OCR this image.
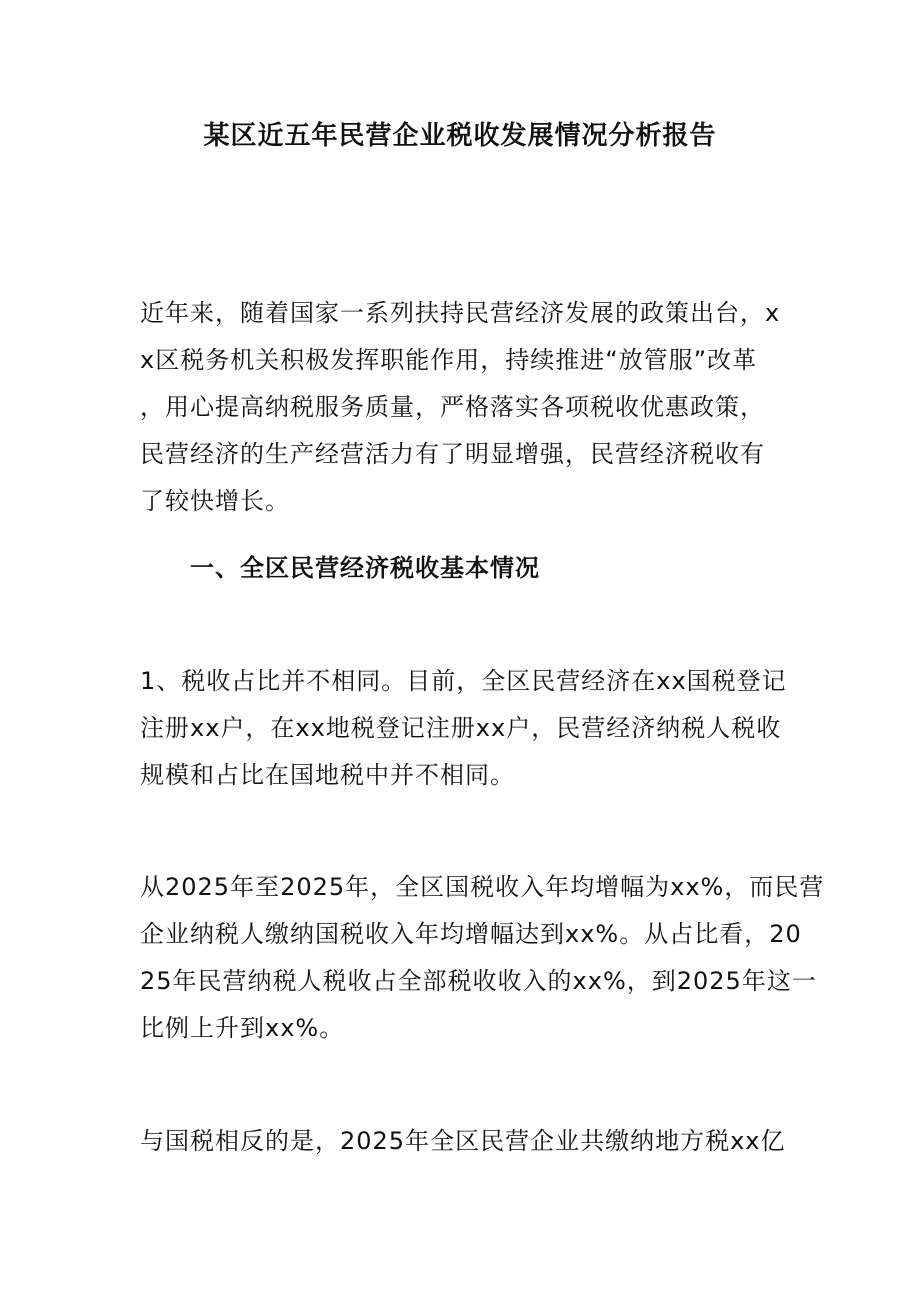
某区近五年民营企业税收发展情况分析报告

近年来，随着国家一系列扶持民营经济发展的政策出台，x
x区税务机关积极发挥职能作用，持续推进“放管服”改革
，用心提高纳税服务质量，严格落实各项税收优惠政策，
民营经济的生产经营活力有了明显增强，民营经济税收有
了较快增长。

一、全区民营经济税收基本情况

1、税收占比并不相同。目前，全区民营经济在xx国税登记
注册xx户，在xx地税登记注册xx户，民营经济纳税人税收
规模和占比在国地税中并不相同。

从2025年至2025年，全区国税收入年均增幅为xx%，而民营
企业纳税人缴纳国税收入年均增幅达到xx%。从占比看，20
25年民营纳税人税收占全部税收收入的xx%，到2025年这一
比例上升到xx%。

与国税相反的是，2025年全区民营企业共缴纳地方税xx亿
